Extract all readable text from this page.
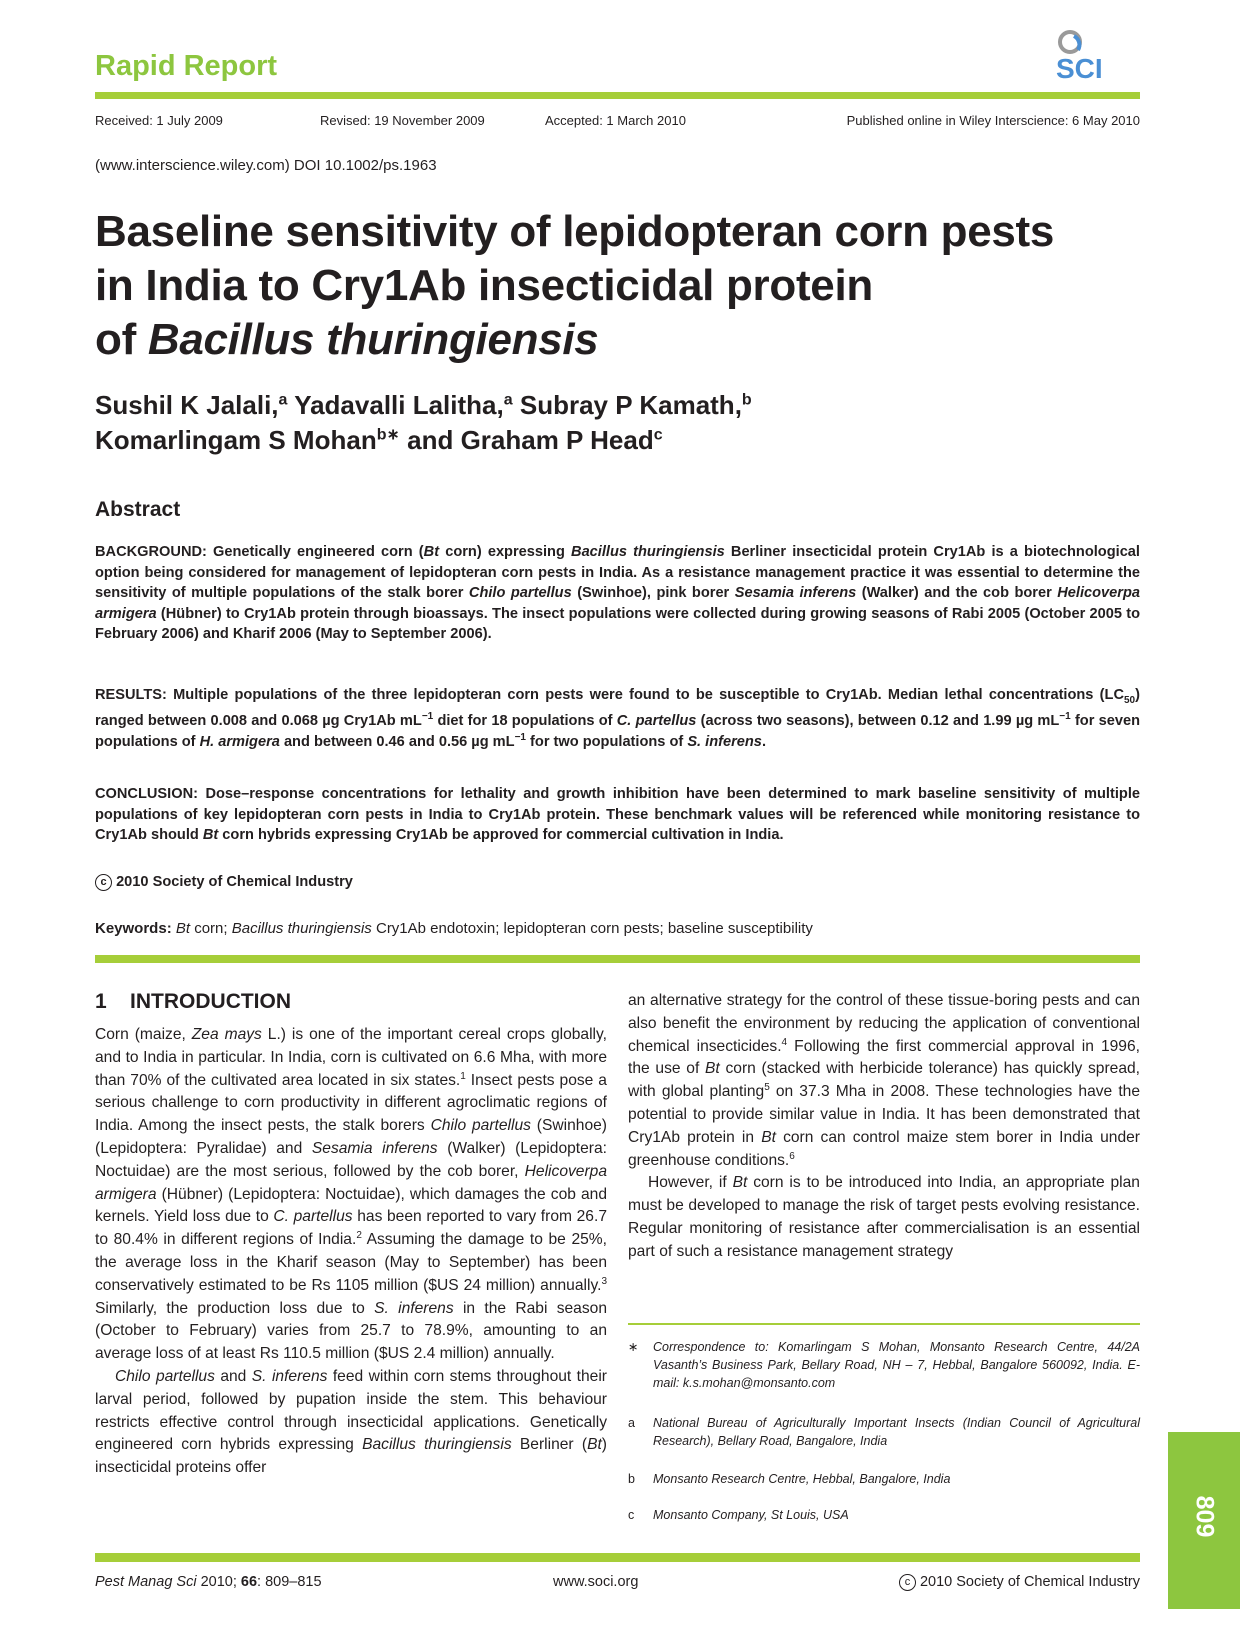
Rapid Report	SCI
Received: 1 July 2009	Revised: 19 November 2009	Accepted: 1 March 2010	Published online in Wiley Interscience: 6 May 2010
(www.interscience.wiley.com) DOI 10.1002/ps.1963
Baseline sensitivity of lepidopteran corn pests
in India to Cry1Ab insecticidal protein
of Bacillus thuringiensis
Sushil K Jalali,$^a$ Yadavalli Lalitha,$^a$ Subray P Kamath,$^b$
Komarlingam S Mohan$^{b∗}$ and Graham P Head$^c$
Abstract
BACKGROUND: Genetically engineered corn (Bt corn) expressing Bacillus thuringiensis Berliner insecticidal protein Cry1Ab is a biotechnological option being considered for management of lepidopteran corn pests in India. As a resistance management practice it was essential to determine the sensitivity of multiple populations of the stalk borer Chilo partellus (Swinhoe), pink borer Sesamia inferens (Walker) and the cob borer Helicoverpa armigera (Hübner) to Cry1Ab protein through bioassays. The insect populations were collected during growing seasons of Rabi 2005 (October 2005 to February 2006) and Kharif 2006 (May to September 2006).
RESULTS: Multiple populations of the three lepidopteran corn pests were found to be susceptible to Cry1Ab. Median lethal concentrations $(LC_{50})$ ranged between 0.008 and 0.068 µg Cry1Ab $mL^{-1}$ diet for 18 populations of C. partellus (across two seasons), between 0.12 and 1.99 µg $mL^{-1}$ for seven populations of H. armigera and between 0.46 and 0.56 µg $mL^{-1}$ for two populations of S. inferens.
CONCLUSION: Dose–response concentrations for lethality and growth inhibition have been determined to mark baseline sensitivity of multiple populations of key lepidopteran corn pests in India to Cry1Ab protein. These benchmark values will be referenced while monitoring resistance to Cry1Ab should Bt corn hybrids expressing Cry1Ab be approved for commercial cultivation in India.
c 2010 Society of Chemical Industry
Keywords: Bt corn; Bacillus thuringiensis Cry1Ab endotoxin; lepidopteran corn pests; baseline susceptibility
1 INTRODUCTION

Corn (maize, Zea mays L.) is one of the important cereal crops globally, and to India in particular. In India, corn is cultivated on 6.6 Mha, with more than 70% of the cultivated area located in six states.$^1$ Insect pests pose a serious challenge to corn productivity in different agroclimatic regions of India. Among the insect pests, the stalk borers Chilo partellus (Swinhoe) (Lepidoptera: Pyralidae) and Sesamia inferens (Walker) (Lepidoptera: Noctuidae) are the most serious, followed by the cob borer, Helicoverpa armigera (Hübner) (Lepidoptera: Noctuidae), which damages the cob and kernels. Yield loss due to C. partellus has been reported to vary from 26.7 to 80.4% in different regions of India.$^2$ Assuming the damage to be 25%, the average loss in the Kharif season (May to September) has been conservatively estimated to be Rs 1105 million ($US 24 million) annually.$^3$ Similarly, the production loss due to S. inferens in the Rabi season (October to February) varies from 25.7 to 78.9%, amounting to an average loss of at least Rs 110.5 million ($US 2.4 million) annually.

Chilo partellus and S. inferens feed within corn stems throughout their larval period, followed by pupation inside the stem. This behaviour restricts effective control through insecticidal applications. Genetically engineered corn hybrids expressing Bacillus thuringiensis Berliner (Bt) insecticidal proteins offer

an alternative strategy for the control of these tissue-boring pests and can also benefit the environment by reducing the application of conventional chemical insecticides.$^4$ Following the first commercial approval in 1996, the use of Bt corn (stacked with herbicide tolerance) has quickly spread, with global planting$^5$ on 37.3 Mha in 2008. These technologies have the potential to provide similar value in India. It has been demonstrated that Cry1Ab protein in Bt corn can control maize stem borer in India under greenhouse conditions.$^6$

However, if Bt corn is to be introduced into India, an appropriate plan must be developed to manage the risk of target pests evolving resistance. Regular monitoring of resistance after commercialisation is an essential part of such a resistance management strategy

∗ Correspondence to: Komarlingam S Mohan, Monsanto Research Centre, 44/2A Vasanth’s Business Park, Bellary Road, NH – 7, Hebbal, Bangalore 560092, India. E-mail: k.s.mohan@monsanto.com
a	National Bureau of Agriculturally Important Insects (Indian Council of Agricultural Research), Bellary Road, Bangalore, India
b	Monsanto Research Centre, Hebbal, Bangalore, India
c	Monsanto Company, St Louis, USA
Pest Manag Sci 2010; 66: 809–815	www.soci.org	c 2010 Society of Chemical Industry
809
